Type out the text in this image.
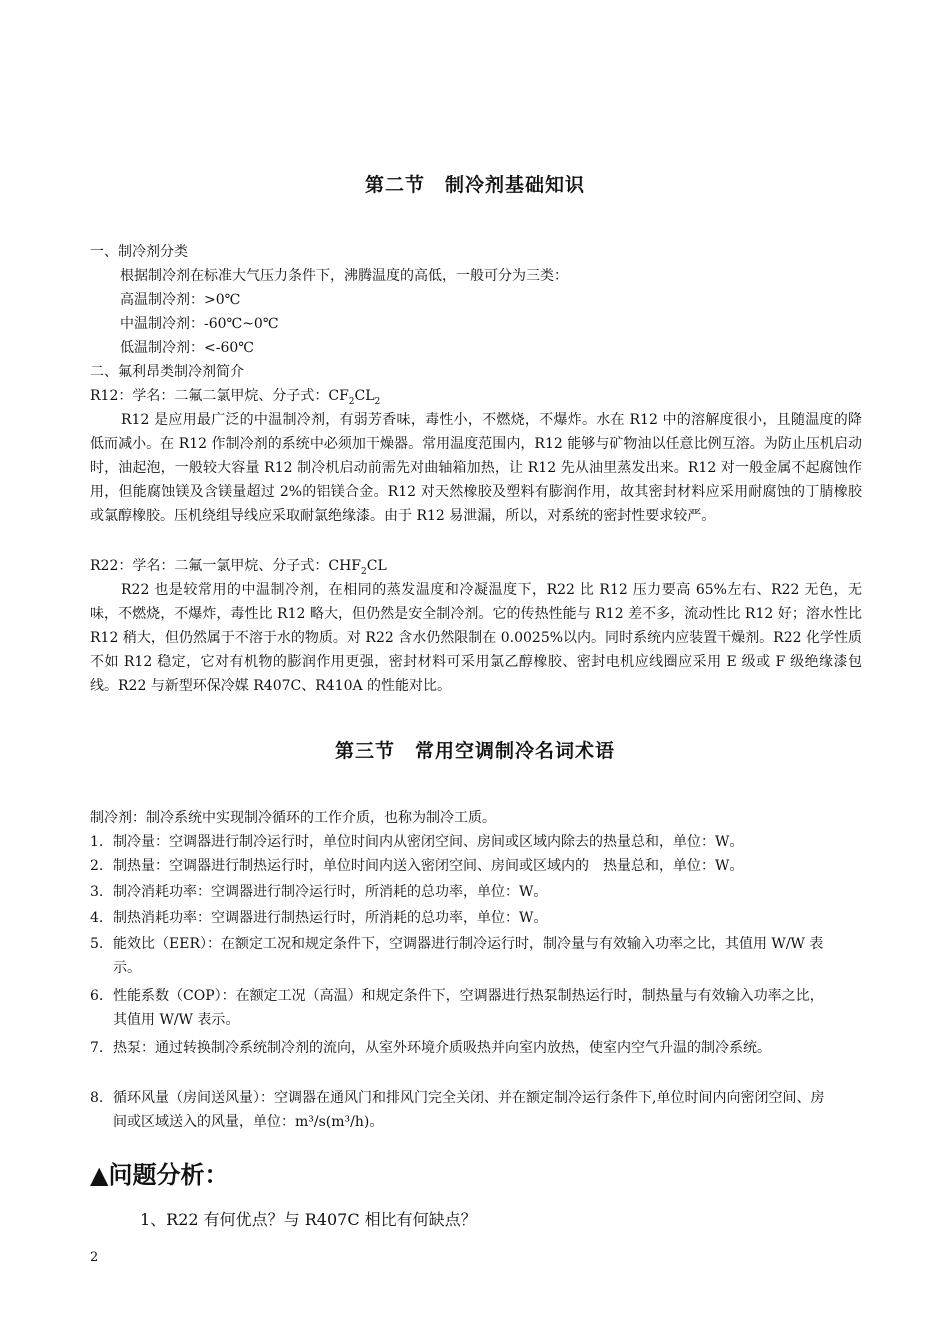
第二节　制冷剂基础知识

一、制冷剂分类

根据制冷剂在标准大气压力条件下，沸腾温度的高低，一般可分为三类：

高温制冷剂：>0℃

中温制冷剂：-60℃~0℃

低温制冷剂：<-60℃

二、氟利昂类制冷剂简介

R12：学名：二氟二氯甲烷、分子式：$CF_2CL_2$

R12 是应用最广泛的中温制冷剂，有弱芳香味，毒性小，不燃烧，不爆炸。水在 R12 中的溶解度很小，且随温度的降低而减小。在 R12 作制冷剂的系统中必须加干燥器。常用温度范围内，R12 能够与矿物油以任意比例互溶。为防止压机启动时，油起泡，一般较大容量 R12 制冷机启动前需先对曲轴箱加热，让 R12 先从油里蒸发出来。R12 对一般金属不起腐蚀作用，但能腐蚀镁及含镁量超过 2%的铝镁合金。R12 对天然橡胶及塑料有膨润作用，故其密封材料应采用耐腐蚀的丁腈橡胶或氯醇橡胶。压机绕组导线应采取耐氯绝缘漆。由于 R12 易泄漏，所以，对系统的密封性要求较严。

R22：学名：二氟一氯甲烷、分子式：$CHF_2CL$

R22 也是较常用的中温制冷剂，在相同的蒸发温度和冷凝温度下，R22 比 R12 压力要高 65%左右、R22 无色，无味，不燃烧，不爆炸，毒性比 R12 略大，但仍然是安全制冷剂。它的传热性能与 R12 差不多，流动性比 R12 好；溶水性比 R12 稍大，但仍然属于不溶于水的物质。对 R22 含水仍然限制在 0.0025%以内。同时系统内应装置干燥剂。R22 化学性质不如 R12 稳定，它对有机物的膨润作用更强，密封材料可采用氯乙醇橡胶、密封电机应线圈应采用 E 级或 F 级绝缘漆包线。R22 与新型环保冷媒 R407C、R410A 的性能对比。

第三节　常用空调制冷名词术语

制冷剂：制冷系统中实现制冷循环的工作介质，也称为制冷工质。

1. 制冷量：空调器进行制冷运行时，单位时间内从密闭空间、房间或区域内除去的热量总和，单位：W。
2. 制热量：空调器进行制热运行时，单位时间内送入密闭空间、房间或区域内的　热量总和，单位：W。
3. 制冷消耗功率：空调器进行制冷运行时，所消耗的总功率，单位：W。
4. 制热消耗功率：空调器进行制热运行时，所消耗的总功率，单位：W。
5. 能效比（EER）：在额定工况和规定条件下，空调器进行制冷运行时，制冷量与有效输入功率之比，其值用 W/W 表示。
6. 性能系数（COP）：在额定工况（高温）和规定条件下，空调器进行热泵制热运行时，制热量与有效输入功率之比，其值用 W/W 表示。
7. 热泵：通过转换制冷系统制冷剂的流向，从室外环境介质吸热并向室内放热，使室内空气升温的制冷系统。
8. 循环风量（房间送风量）：空调器在通风门和排风门完全关闭、并在额定制冷运行条件下,单位时间内向密闭空间、房间或区域送入的风量，单位：m³/s(m³/h)。

▲问题分析：

1、R22 有何优点？与 R407C 相比有何缺点？

2
